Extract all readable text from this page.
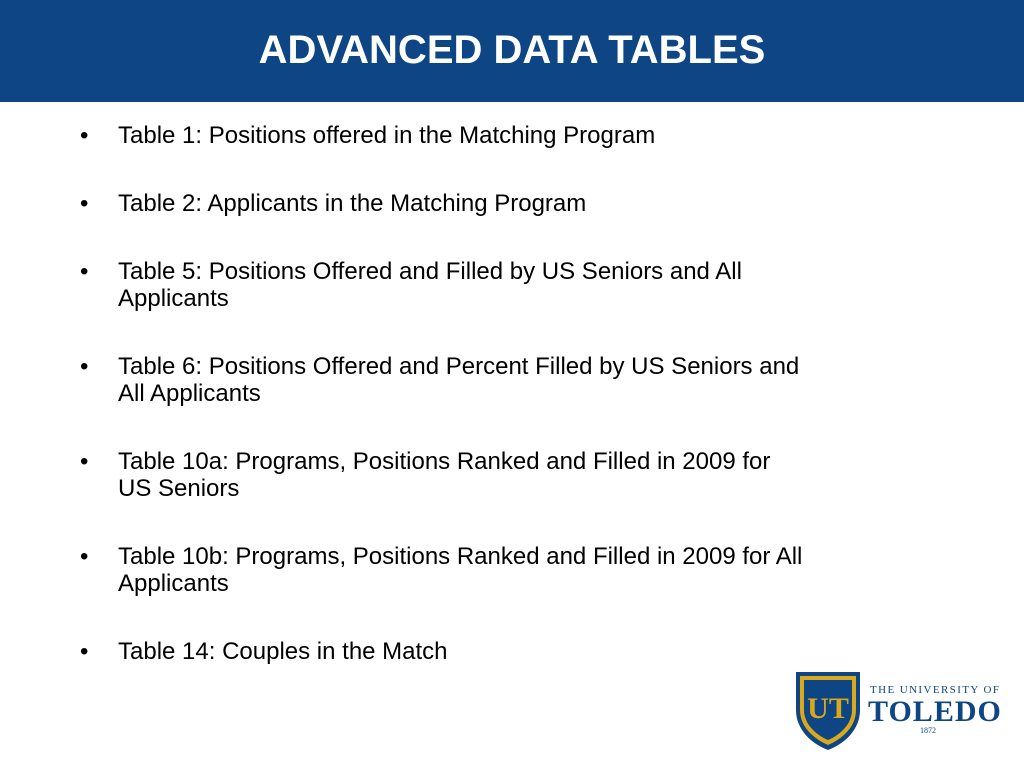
ADVANCED DATA TABLES
• Table 1: Positions offered in the Matching Program
• Table 2: Applicants in the Matching Program
• Table 5: Positions Offered and Filled by US Seniors and All
Applicants
• Table 6: Positions Offered and Percent Filled by US Seniors and
All Applicants
• Table 10a: Programs, Positions Ranked and Filled in 2009 for
US Seniors
• Table 10b: Programs, Positions Ranked and Filled in 2009 for All
Applicants
• Table 14: Couples in the Match
UT
THE UNIVERSITY OF
TOLEDO
1872
